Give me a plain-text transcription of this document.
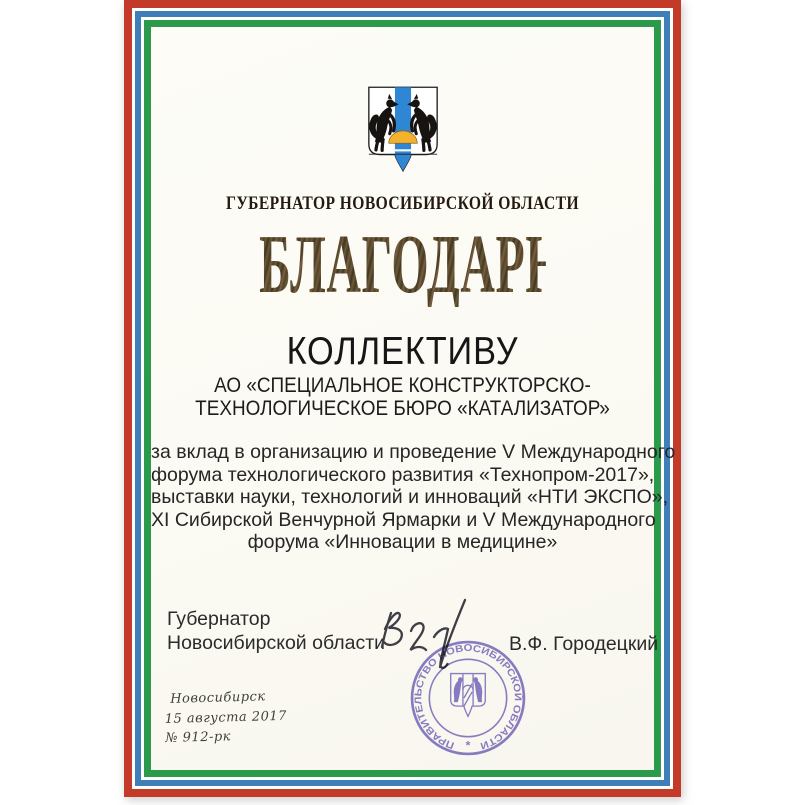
ГУБЕРНАТОР НОВОСИБИРСКОЙ ОБЛАСТИ
БЛАГОДАРНОСТЬ
КОЛЛЕКТИВУ
АО «СПЕЦИАЛЬНОЕ КОНСТРУКТОРСКО-
ТЕХНОЛОГИЧЕСКОЕ БЮРО «КАТАЛИЗАТОР»
за вклад в организацию и проведение V Международного
форума технологического развития «Технопром-2017»,
выставки науки, технологий и инноваций «НТИ ЭКСПО»,
XI Сибирской Венчурной Ярмарки и V Международного
форума «Инновации в медицине»
Губернатор
Новосибирской области
ПРАВИТЕЛЬСТВО НОВОСИБИРСКОЙ ОБЛАСТИ
*
В.Ф. Городецкий
Новосибирск
15 августа 2017
№ 912-рк
